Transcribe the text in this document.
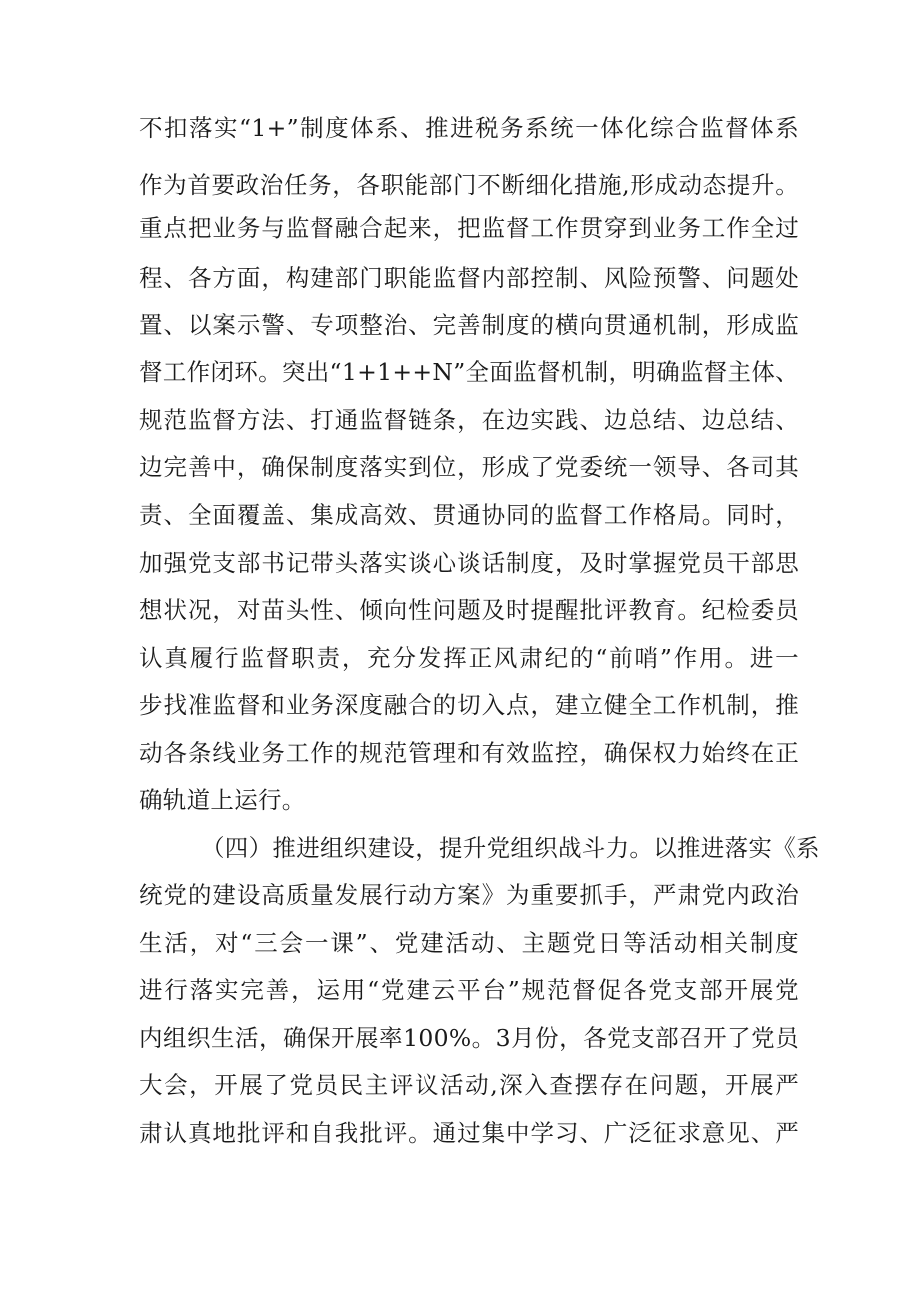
不扣落实“1+”制度体系、推进税务系统一体化综合监督体系
作为首要政治任务，各职能部门不断细化措施,形成动态提升。
重点把业务与监督融合起来，把监督工作贯穿到业务工作全过
程、各方面，构建部门职能监督内部控制、风险预警、问题处
置、以案示警、专项整治、完善制度的横向贯通机制，形成监
督工作闭环。突出“1+1++N”全面监督机制，明确监督主体、
规范监督方法、打通监督链条，在边实践、边总结、边总结、
边完善中，确保制度落实到位，形成了党委统一领导、各司其
责、全面覆盖、集成高效、贯通协同的监督工作格局。同时，
加强党支部书记带头落实谈心谈话制度，及时掌握党员干部思
想状况，对苗头性、倾向性问题及时提醒批评教育。纪检委员
认真履行监督职责，充分发挥正风肃纪的“前哨”作用。进一
步找准监督和业务深度融合的切入点，建立健全工作机制，推
动各条线业务工作的规范管理和有效监控，确保权力始终在正
确轨道上运行。
（四）推进组织建设，提升党组织战斗力。以推进落实《系
统党的建设高质量发展行动方案》为重要抓手，严肃党内政治
生活，对“三会一课”、党建活动、主题党日等活动相关制度
进行落实完善，运用“党建云平台”规范督促各党支部开展党
内组织生活，确保开展率100%。3月份，各党支部召开了党员
大会，开展了党员民主评议活动,深入查摆存在问题，开展严
肃认真地批评和自我批评。通过集中学习、广泛征求意见、严
